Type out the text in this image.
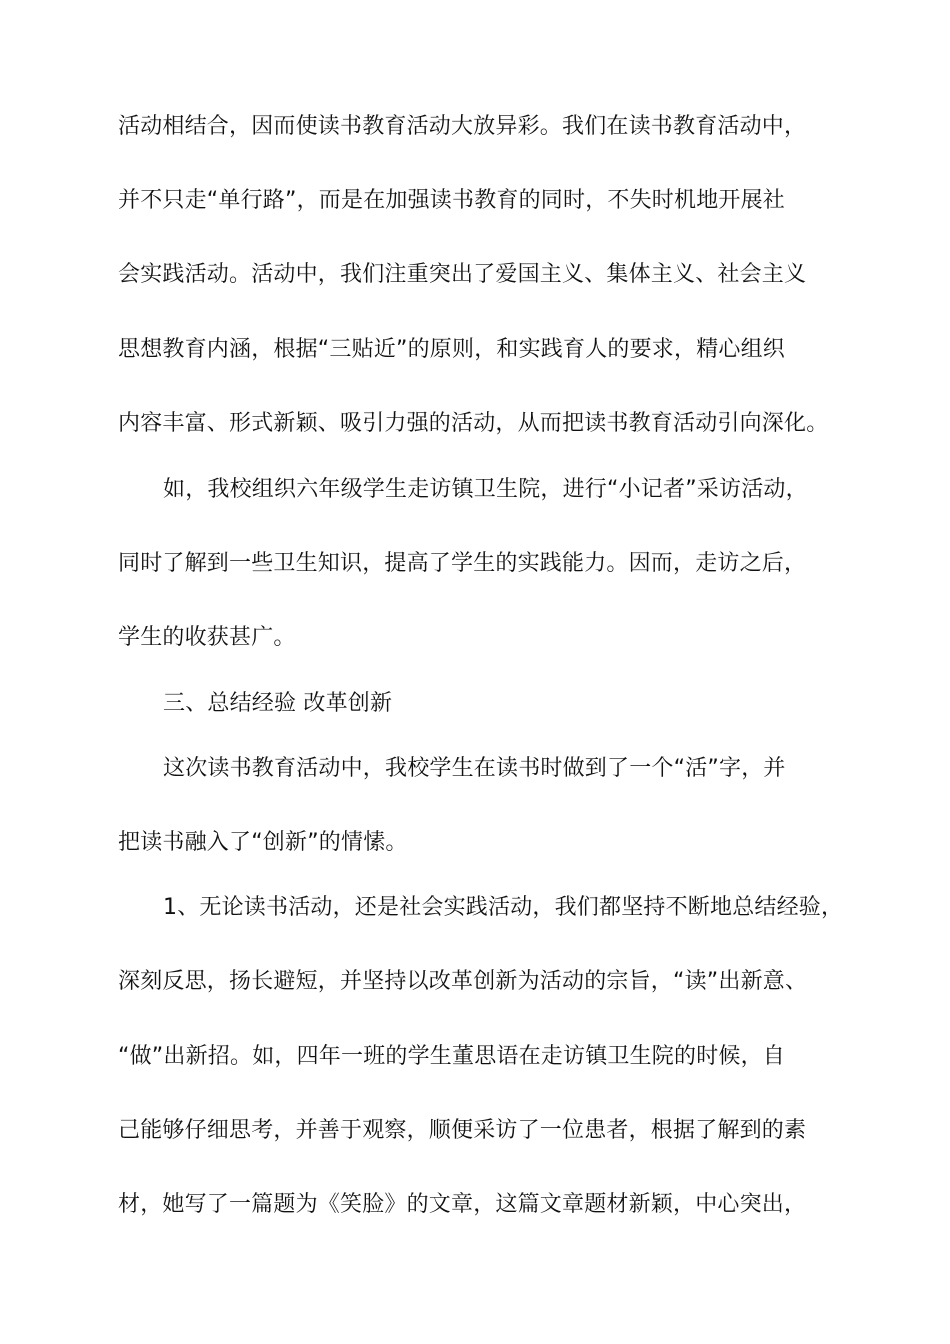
活动相结合，因而使读书教育活动大放异彩。我们在读书教育活动中，
并不只走“单行路”，而是在加强读书教育的同时，不失时机地开展社
会实践活动。活动中，我们注重突出了爱国主义、集体主义、社会主义
思想教育内涵，根据“三贴近”的原则，和实践育人的要求，精心组织
内容丰富、形式新颖、吸引力强的活动，从而把读书教育活动引向深化。
如，我校组织六年级学生走访镇卫生院，进行“小记者”采访活动，
同时了解到一些卫生知识，提高了学生的实践能力。因而，走访之后，
学生的收获甚广。
三、总结经验 改革创新
这次读书教育活动中，我校学生在读书时做到了一个“活”字，并
把读书融入了“创新”的情愫。
1、无论读书活动，还是社会实践活动，我们都坚持不断地总结经验，
深刻反思，扬长避短，并坚持以改革创新为活动的宗旨，“读”出新意、
“做”出新招。如，四年一班的学生董思语在走访镇卫生院的时候，自
己能够仔细思考，并善于观察，顺便采访了一位患者，根据了解到的素
材，她写了一篇题为《笑脸》的文章，这篇文章题材新颖，中心突出，
